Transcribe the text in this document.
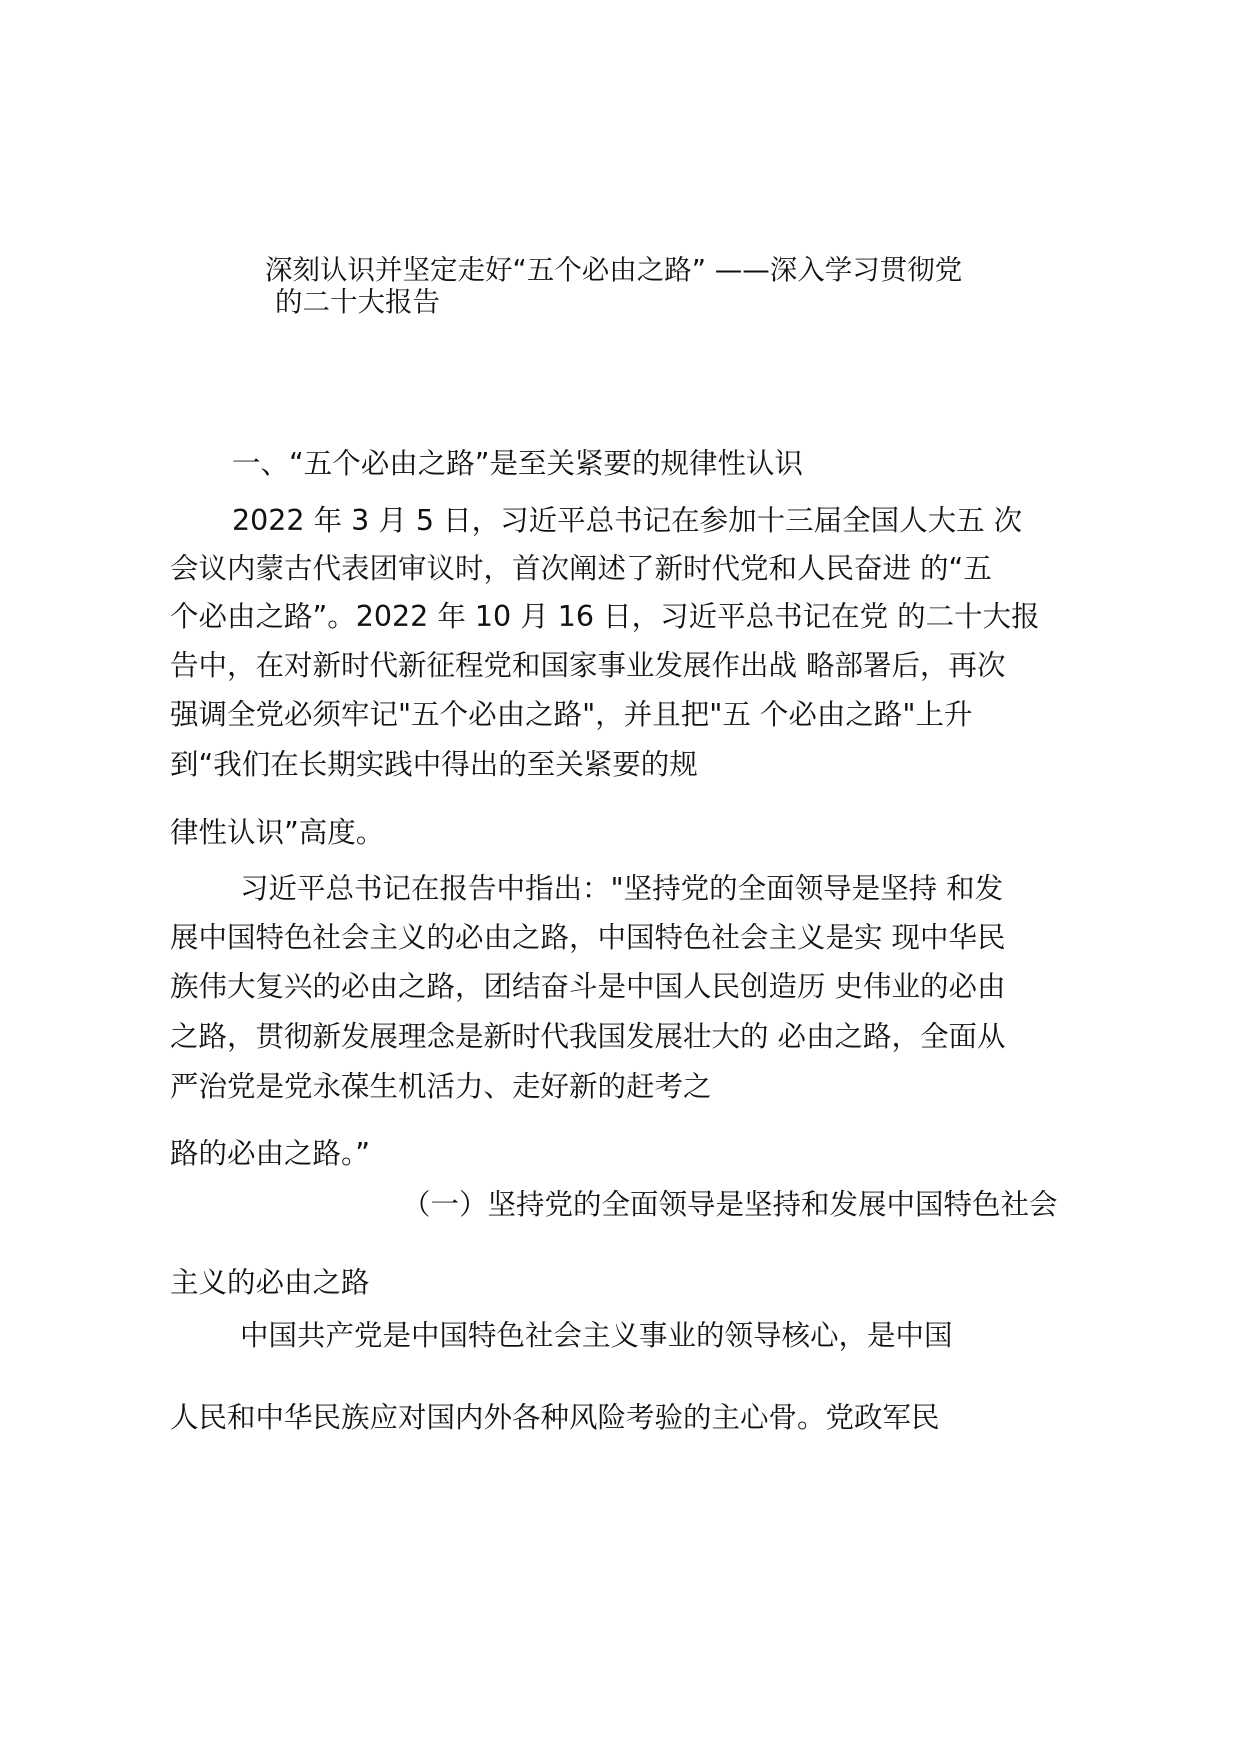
深刻认识并坚定走好“五个必由之路” ——深入学习贯彻党
的二十大报告
一、“五个必由之路”是至关紧要的规律性认识
2022 年 3 月 5 日，习近平总书记在参加十三届全国人大五 次
会议内蒙古代表团审议时，首次阐述了新时代党和人民奋进 的“五
个必由之路”。2022 年 10 月 16 日，习近平总书记在党 的二十大报
告中，在对新时代新征程党和国家事业发展作出战 略部署后，再次
强调全党必须牢记"五个必由之路"，并且把"五 个必由之路"上升
到“我们在长期实践中得出的至关紧要的规
律性认识”高度。
习近平总书记在报告中指出："坚持党的全面领导是坚持 和发
展中国特色社会主义的必由之路，中国特色社会主义是实 现中华民
族伟大复兴的必由之路，团结奋斗是中国人民创造历 史伟业的必由
之路，贯彻新发展理念是新时代我国发展壮大的 必由之路，全面从
严治党是党永葆生机活力、走好新的赶考之
路的必由之路。”
（一）坚持党的全面领导是坚持和发展中国特色社会
主义的必由之路
中国共产党是中国特色社会主义事业的领导核心，是中国
人民和中华民族应对国内外各种风险考验的主心骨。党政军民
